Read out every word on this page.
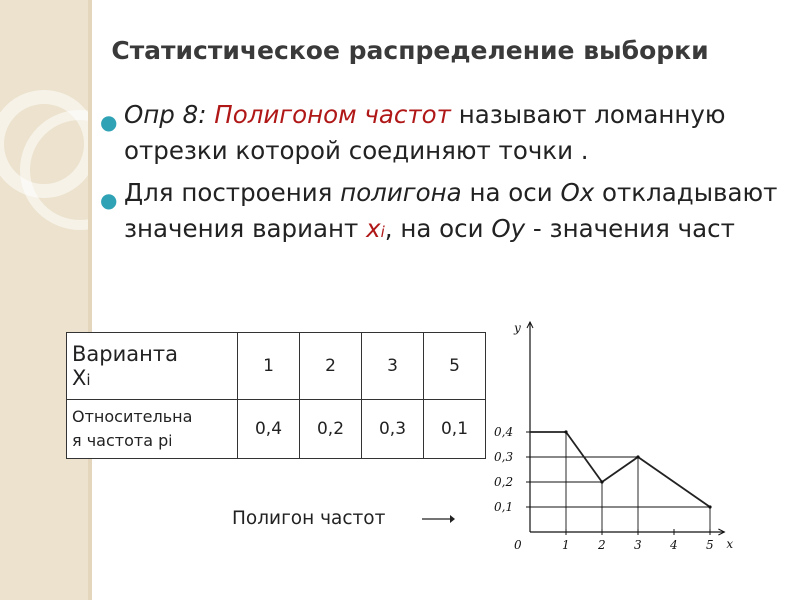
Статистическое распределение выборки
● Опр 8: Полигоном частот называют ломанную отрезки которой соединяют точки .
● Для построения полигона на оси Ox откладывают значения вариант xi, на оси Oy - значения част
Варианта
Xi	1	2	3	5
Относительна
я частота pi	0,4	0,2	0,3	0,1
Полигон частот
x
y
0	1 2 3 4 5
0,4
0,3
0,2
0,1
